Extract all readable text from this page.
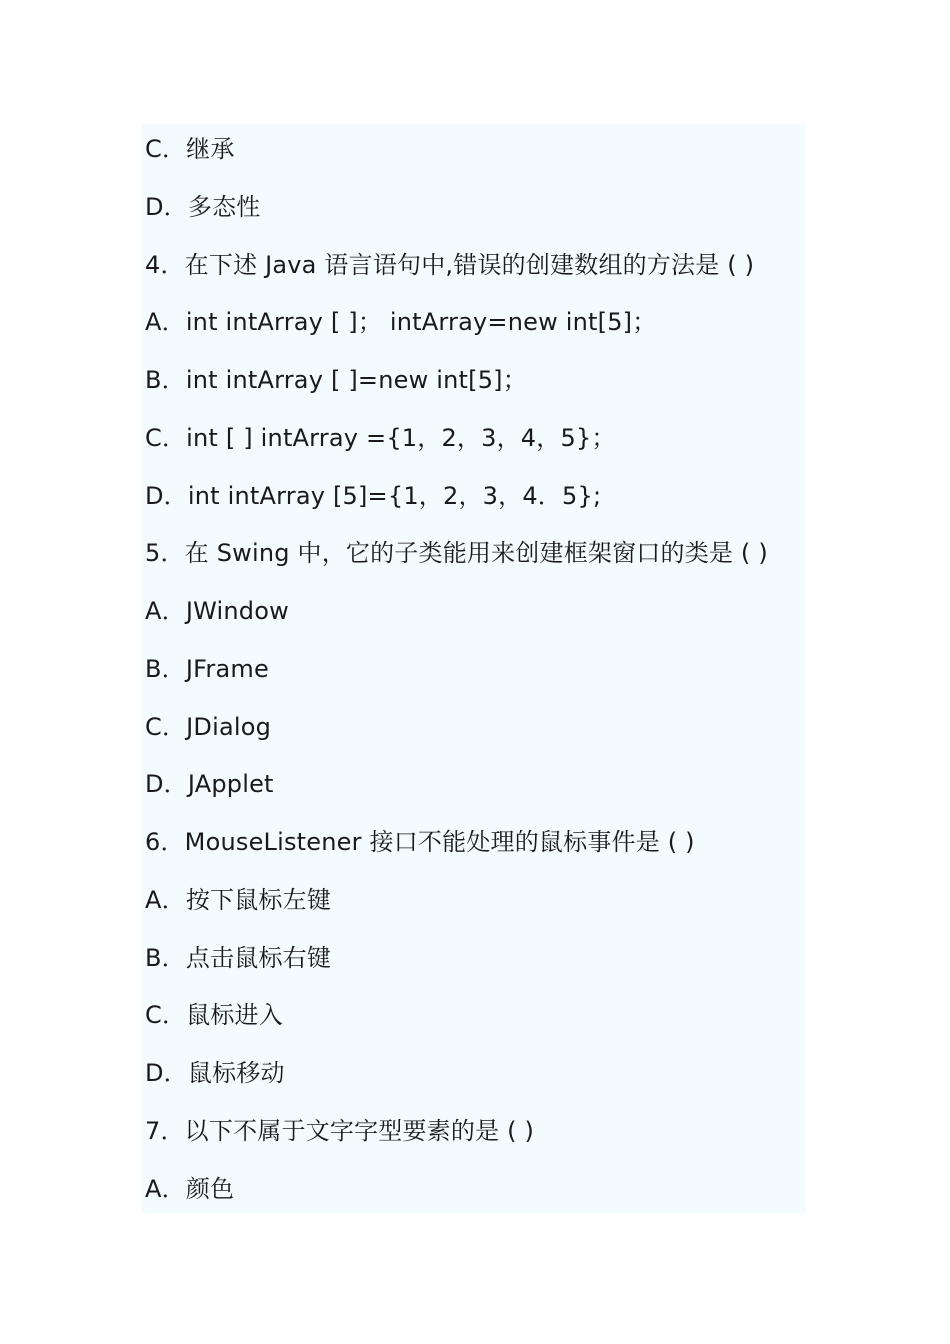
C．继承
D．多态性
4．在下述 Java 语言语句中,错误的创建数组的方法是 ( )
A．int intArray [ ]； intArray=new int[5]；
B．int intArray [ ]=new int[5]；
C．int [ ] intArray ={1，2，3，4，5}；
D．int intArray [5]={1，2，3，4．5};
5．在 Swing 中，它的子类能用来创建框架窗口的类是 ( )
A．JWindow
B．JFrame
C．JDialog
D．JApplet
6．MouseListener 接口不能处理的鼠标事件是 ( )
A．按下鼠标左键
B．点击鼠标右键
C．鼠标进入
D．鼠标移动
7．以下不属于文字字型要素的是 ( )
A．颜色
